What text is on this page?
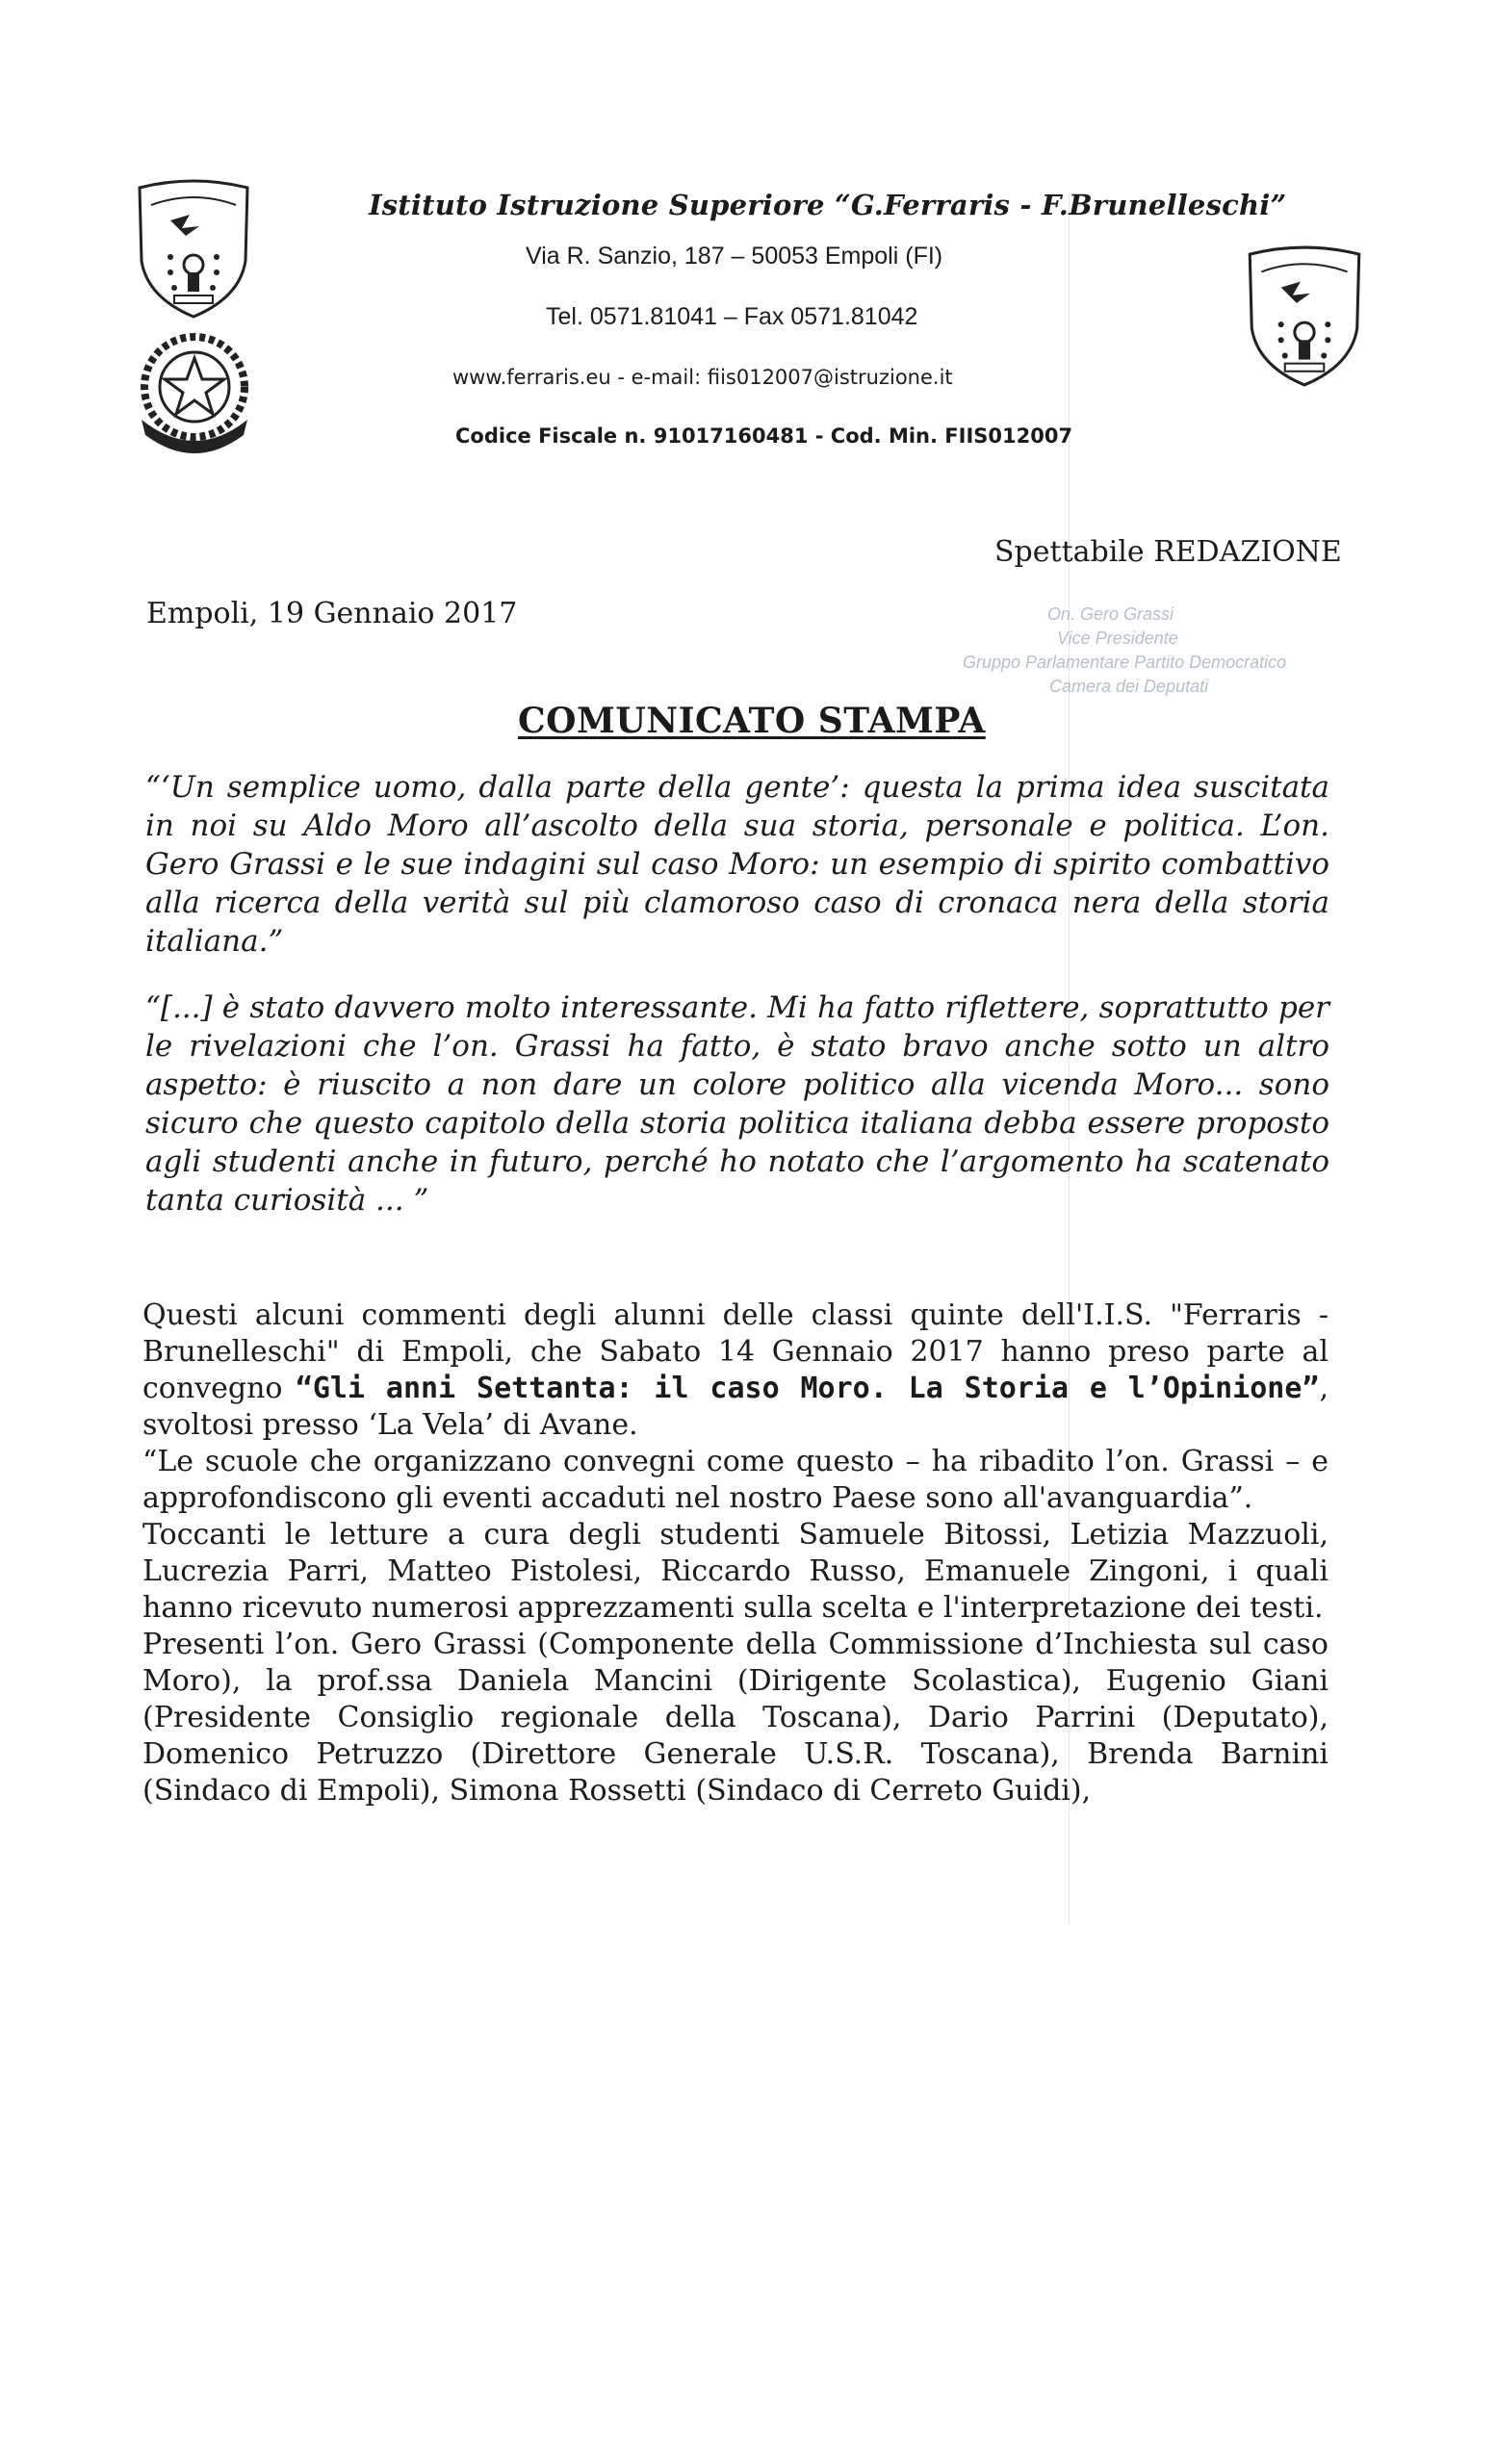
Istituto Istruzione Superiore “G.Ferraris - F.Brunelleschi”
Via R. Sanzio, 187 – 50053 Empoli (FI)
Tel. 0571.81041 – Fax 0571.81042
www.ferraris.eu - e-mail: fiis012007@istruzione.it
Codice Fiscale n. 91017160481 - Cod. Min. FIIS012007
Spettabile REDAZIONE
Empoli, 19 Gennaio 2017	On. Gero Grassi
Vice Presidente
Gruppo Parlamentare Partito Democratico
Camera dei Deputati
COMUNICATO STAMPA

“‘Un semplice uomo, dalla parte della gente’: questa la prima idea suscitata in noi su Aldo Moro all’ascolto della sua storia, personale e politica. L’on. Gero Grassi e le sue indagini sul caso Moro: un esempio di spirito combattivo alla ricerca della verità sul più clamoroso caso di cronaca nera della storia italiana.”

“[...] è stato davvero molto interessante. Mi ha fatto riflettere, soprattutto per le rivelazioni che l’on. Grassi ha fatto, è stato bravo anche sotto un altro aspetto: è riuscito a non dare un colore politico alla vicenda Moro... sono sicuro che questo capitolo della storia politica italiana debba essere proposto agli studenti anche in futuro, perché ho notato che l’argomento ha scatenato tanta curiosità ... ”

Questi alcuni commenti degli alunni delle classi quinte dell'I.I.S. "Ferraris - Brunelleschi" di Empoli, che Sabato 14 Gennaio 2017 hanno preso parte al convegno “Gli anni Settanta: il caso Moro. La Storia e l’Opinione”, svoltosi presso ‘La Vela’ di Avane.

“Le scuole che organizzano convegni come questo – ha ribadito l’on. Grassi – e approfondiscono gli eventi accaduti nel nostro Paese sono all'avanguardia”.

Toccanti le letture a cura degli studenti Samuele Bitossi, Letizia Mazzuoli, Lucrezia Parri, Matteo Pistolesi, Riccardo Russo, Emanuele Zingoni, i quali hanno ricevuto numerosi apprezzamenti sulla scelta e l'interpretazione dei testi.

Presenti l’on. Gero Grassi (Componente della Commissione d’Inchiesta sul caso Moro), la prof.ssa Daniela Mancini (Dirigente Scolastica), Eugenio Giani (Presidente Consiglio regionale della Toscana), Dario Parrini (Deputato), Domenico Petruzzo (Direttore Generale U.S.R. Toscana), Brenda Barnini (Sindaco di Empoli), Simona Rossetti (Sindaco di Cerreto Guidi),
